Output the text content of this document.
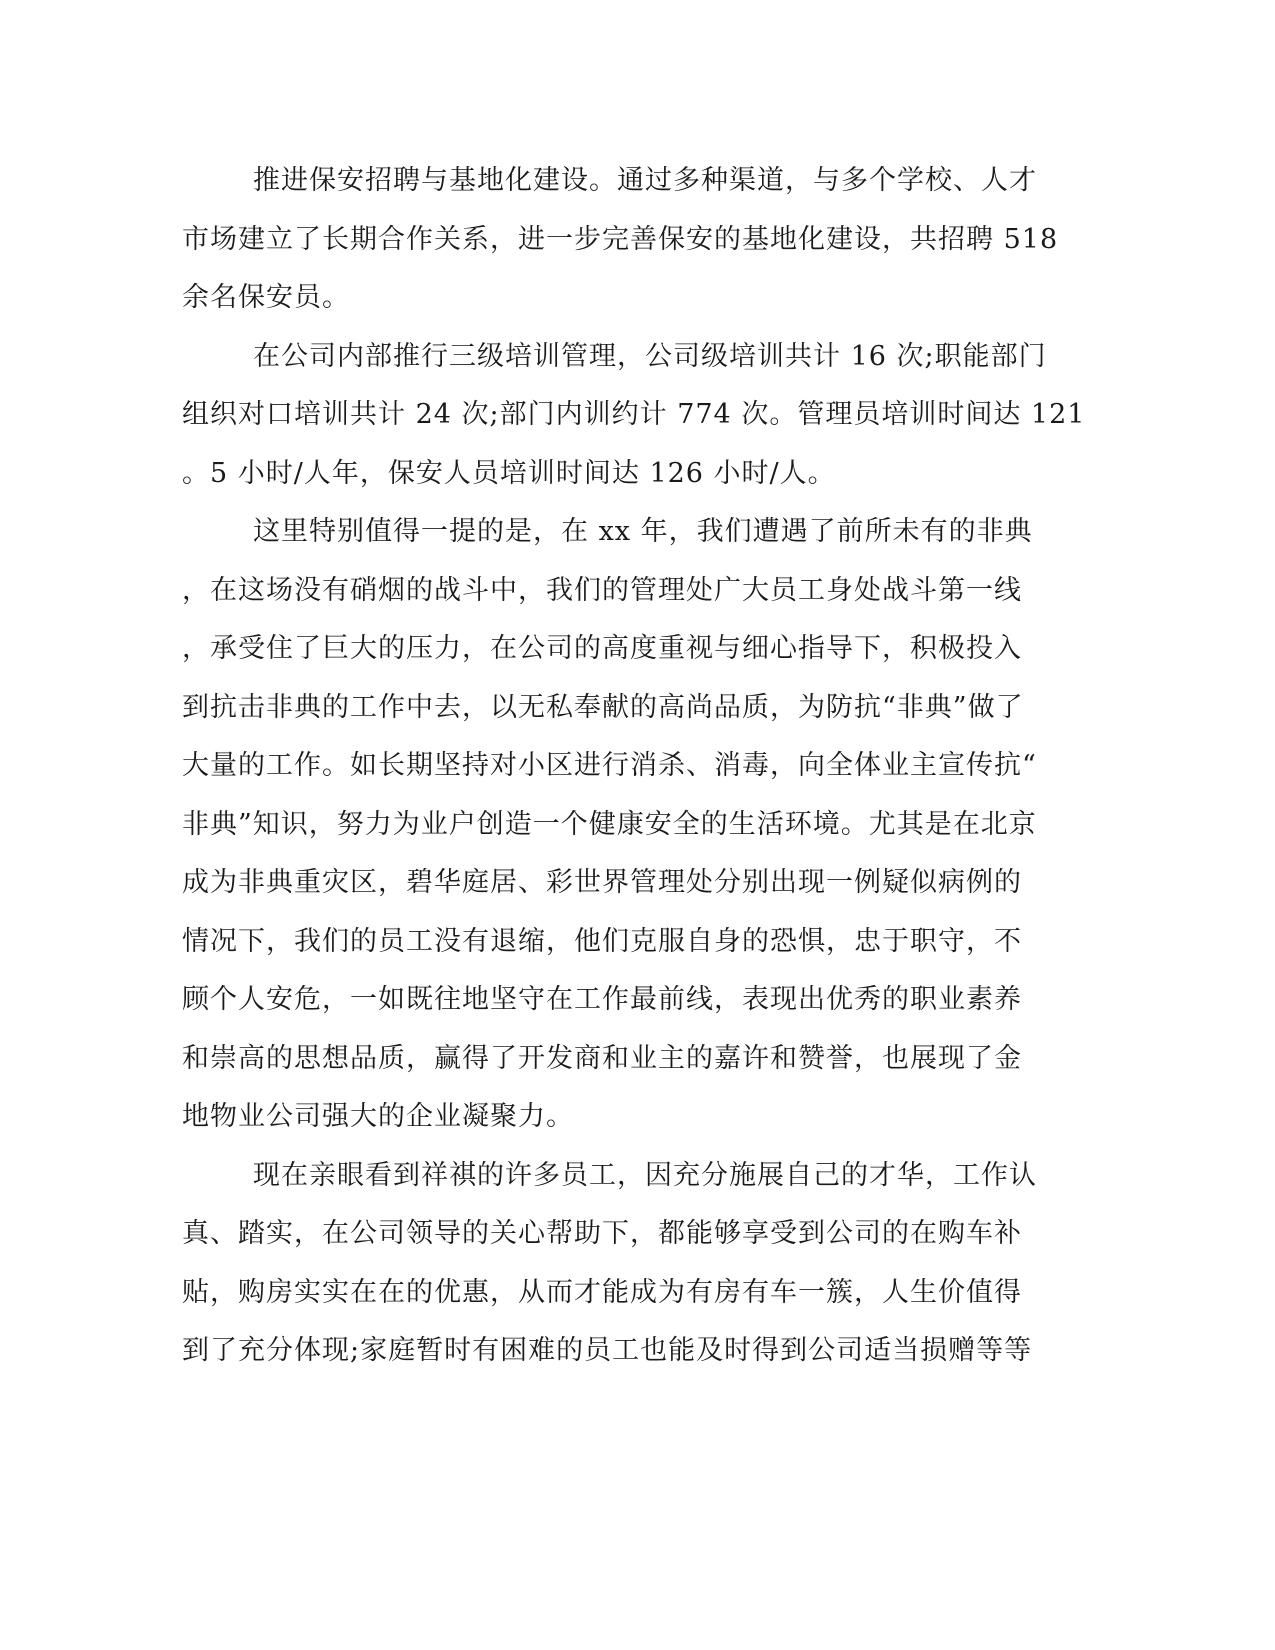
推进保安招聘与基地化建设。通过多种渠道，与多个学校、人才
市场建立了长期合作关系，进一步完善保安的基地化建设，共招聘 518
余名保安员。
在公司内部推行三级培训管理，公司级培训共计 16 次;职能部门
组织对口培训共计 24 次;部门内训约计 774 次。管理员培训时间达 121
。5 小时/人年，保安人员培训时间达 126 小时/人。
这里特别值得一提的是，在 xx 年，我们遭遇了前所未有的非典
，在这场没有硝烟的战斗中，我们的管理处广大员工身处战斗第一线
，承受住了巨大的压力，在公司的高度重视与细心指导下，积极投入
到抗击非典的工作中去，以无私奉献的高尚品质，为防抗“非典”做了
大量的工作。如长期坚持对小区进行消杀、消毒，向全体业主宣传抗“
非典”知识，努力为业户创造一个健康安全的生活环境。尤其是在北京
成为非典重灾区，碧华庭居、彩世界管理处分别出现一例疑似病例的
情况下，我们的员工没有退缩，他们克服自身的恐惧，忠于职守，不
顾个人安危，一如既往地坚守在工作最前线，表现出优秀的职业素养
和崇高的思想品质，赢得了开发商和业主的嘉许和赞誉，也展现了金
地物业公司强大的企业凝聚力。
现在亲眼看到祥祺的许多员工，因充分施展自己的才华，工作认
真、踏实，在公司领导的关心帮助下，都能够享受到公司的在购车补
贴，购房实实在在的优惠，从而才能成为有房有车一簇，人生价值得
到了充分体现;家庭暂时有困难的员工也能及时得到公司适当损赠等等
